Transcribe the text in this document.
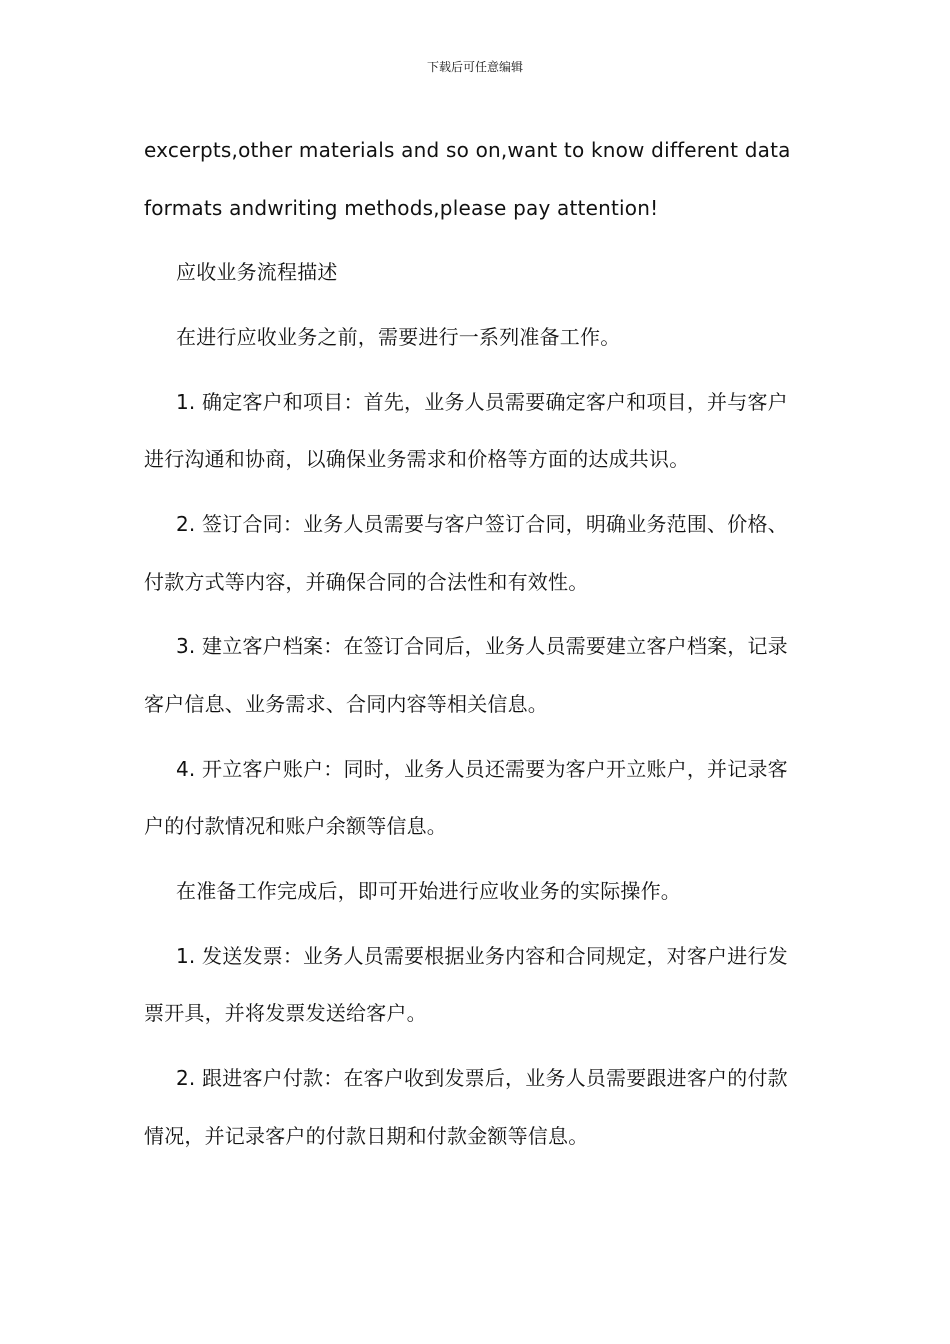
下载后可任意编辑
excerpts,other materials and so on,want to know different data
formats andwriting methods,please pay attention!
应收业务流程描述
在进行应收业务之前，需要进行一系列准备工作。
1. 确定客户和项目：首先，业务人员需要确定客户和项目，并与客户
进行沟通和协商，以确保业务需求和价格等方面的达成共识。
2. 签订合同：业务人员需要与客户签订合同，明确业务范围、价格、
付款方式等内容，并确保合同的合法性和有效性。
3. 建立客户档案：在签订合同后，业务人员需要建立客户档案，记录
客户信息、业务需求、合同内容等相关信息。
4. 开立客户账户：同时，业务人员还需要为客户开立账户，并记录客
户的付款情况和账户余额等信息。
在准备工作完成后，即可开始进行应收业务的实际操作。
1. 发送发票：业务人员需要根据业务内容和合同规定，对客户进行发
票开具，并将发票发送给客户。
2. 跟进客户付款：在客户收到发票后，业务人员需要跟进客户的付款
情况，并记录客户的付款日期和付款金额等信息。
